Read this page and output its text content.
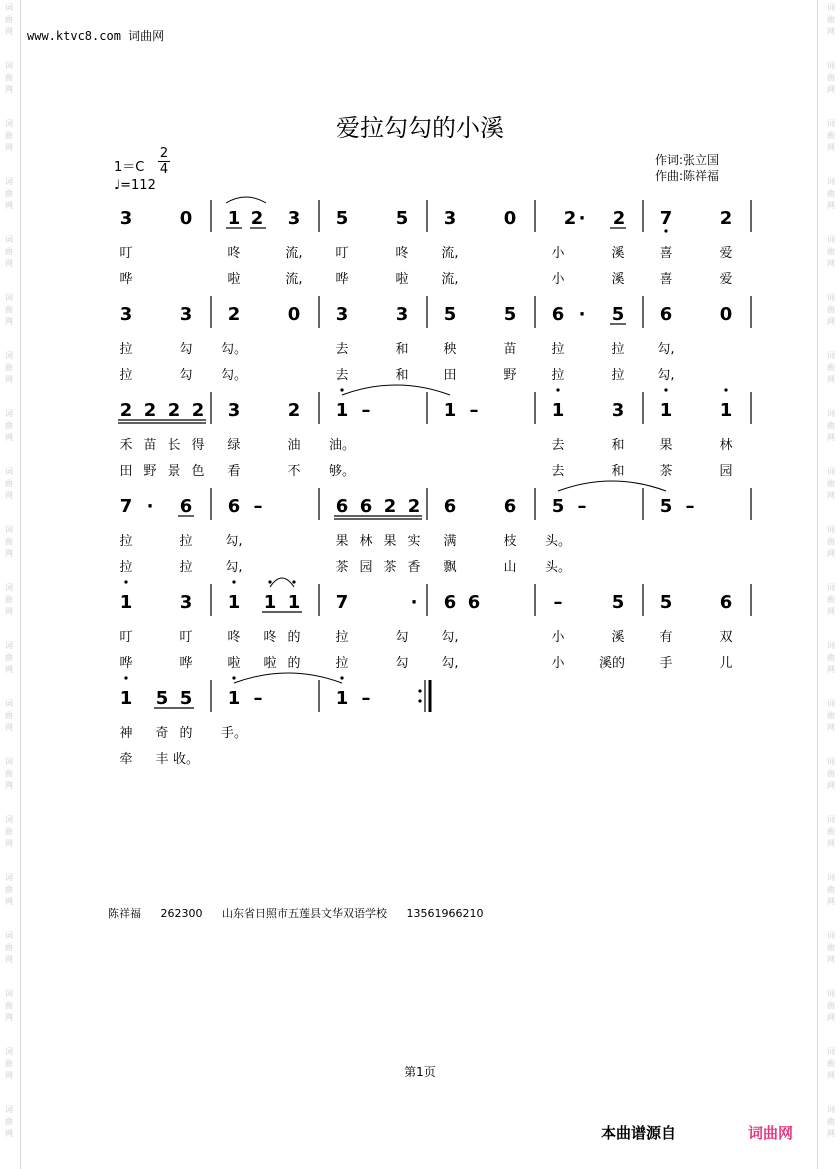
词
曲
网
词
曲
网
词
曲
网
词
曲
网
词
曲
网
词
曲
网
词
曲
网
词
曲
网
词
曲
网
词
曲
网
词
曲
网
词
曲
网
词
曲
网
词
曲
网
词
曲
网
词
曲
网
词
曲
网
词
曲
网
词
曲
网
词
曲
网
词
曲
网
词
曲
网
词
曲
网
词
曲
网
词
曲
网
词
曲
网
词
曲
网
词
曲
网
词
曲
网
词
曲
网
词
曲
网
词
曲
网
词
曲
网
词
曲
网
词
曲
网
词
曲
网
词
曲
网
词
曲
网
词
曲
网
词
曲
网
www.ktvc8.com 词曲网
爱拉勾勾的小溪
1＝C
2
4
♩=112
作词:张立国
作曲:陈祥福
3	0 1 2 3 5	5 3	0	2 · 2 7	2
叮	咚	流,	叮	咚	流,	小	溪	喜	爱
哗	啦	流,	哗	啦	流,	小	溪	喜	爱
3	3 2	0 3	3 5	5 6 · 5 6	0
拉	勾 勾。	去	和	秧	苗	拉	拉	勾,
拉	勾 勾。	去	和	田	野	拉	拉	勾,
2 2 2 2 3	2 1 –	1 –	1	3 1	1
禾 苗 长 得 绿	油 油。	去	和	果	林
田 野 景 色 看	不 够。	去	和	茶	园
7 · 6 6 –	6 6 2 2 6	6 5 –	5 –
拉	拉	勾,	果 林 果 实 满	枝 头。
拉	拉	勾,	茶 园 茶 香 飘	山 头。
1	3 1 1 1 7	· 6 6	–	5 5	6
叮	叮	咚 咚 的	拉	勾	勾,	小	溪	有	双
哗	哗	啦 啦 的	拉	勾	勾,	小	溪的	手	儿
1 5 5 1 –	1 –
神 奇 的 手。
牵 丰 收。
陈祥福 262300 山东省日照市五莲县文华双语学校 13561966210
第1页
本曲谱源自	词曲网
